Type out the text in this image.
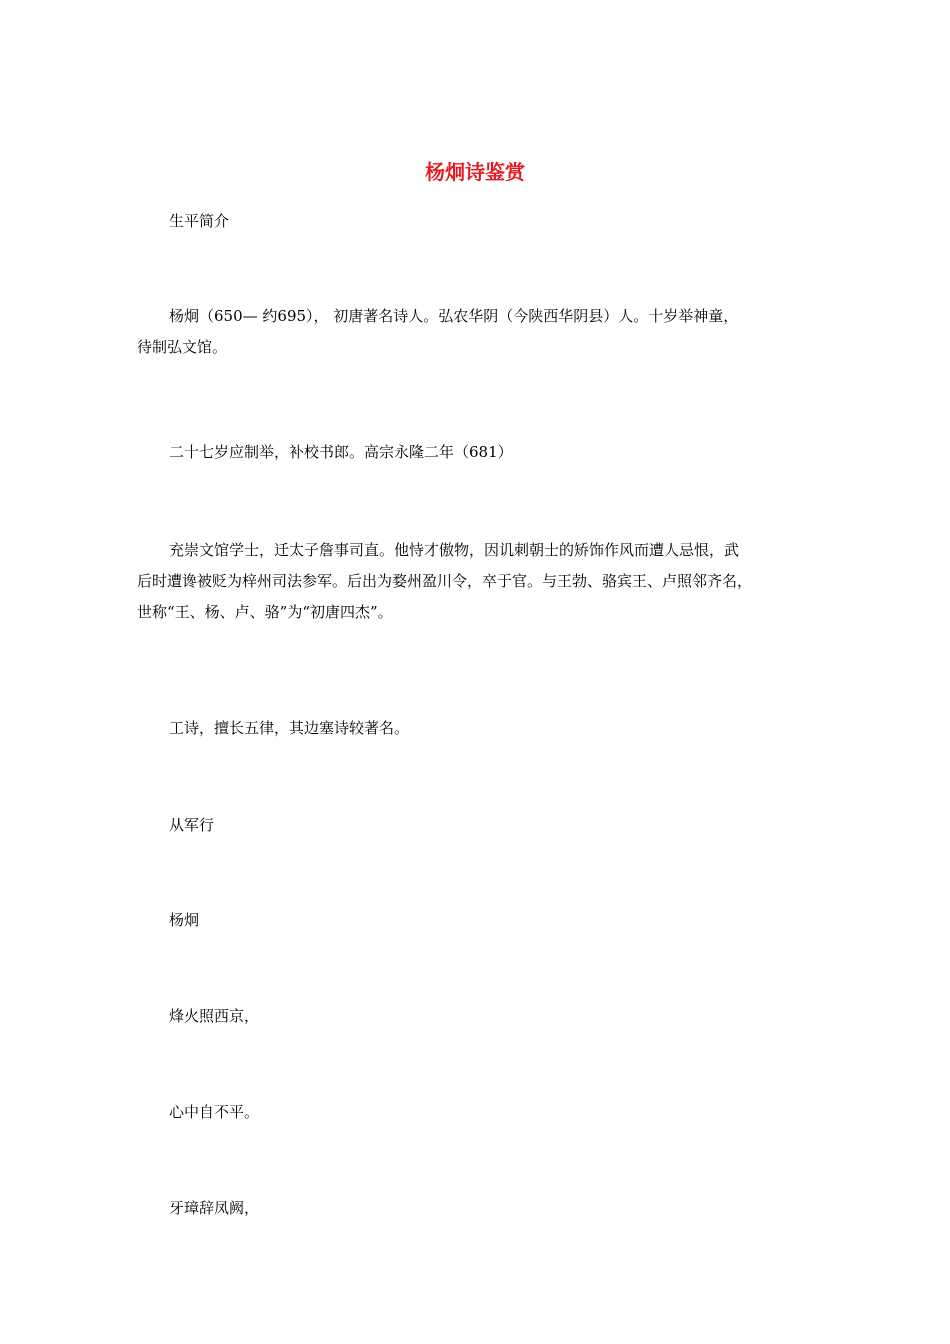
杨炯诗鉴赏

生平简介

杨炯（650— 约695）， 初唐著名诗人。弘农华阴（今陕西华阴县）人。十岁举神童，
待制弘文馆。

二十七岁应制举，补校书郎。高宗永隆二年（681）

充崇文馆学士，迁太子詹事司直。他恃才傲物，因讥刺朝士的矫饰作风而遭人忌恨，武
后时遭谗被贬为梓州司法参军。后出为婺州盈川令，卒于官。与王勃、骆宾王、卢照邻齐名，
世称“王、杨、卢、骆”为“初唐四杰”。

工诗，擅长五律，其边塞诗较著名。

从军行

杨炯

烽火照西京，

心中自不平。

牙璋辞凤阙，
